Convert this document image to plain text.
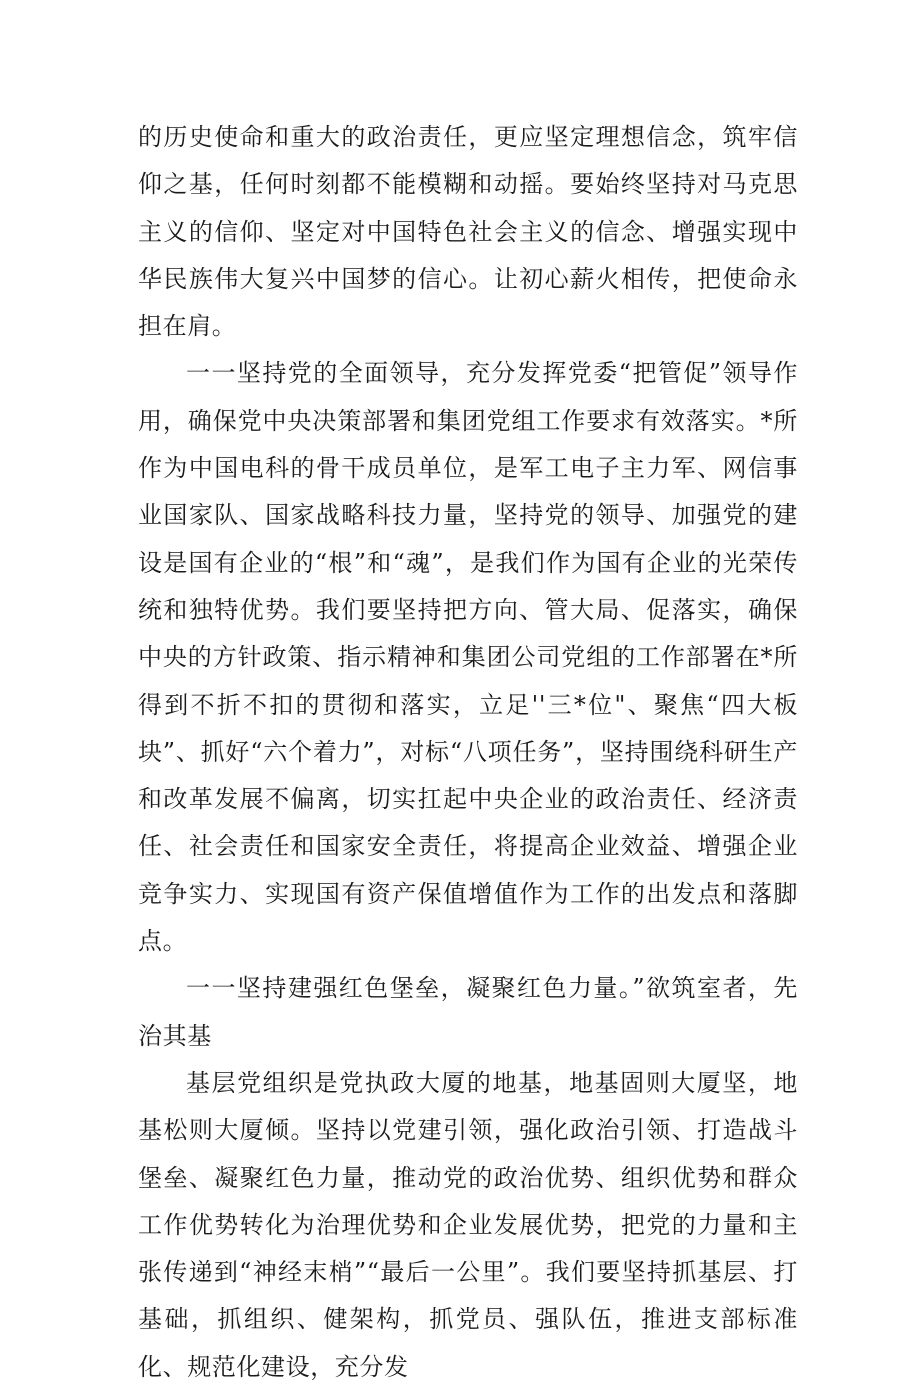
的历史使命和重大的政治责任，更应坚定理想信念，筑牢信仰之基，任何时刻都不能模糊和动摇。要始终坚持对马克思主义的信仰、坚定对中国特色社会主义的信念、增强实现中华民族伟大复兴中国梦的信心。让初心薪火相传，把使命永担在肩。

一一坚持党的全面领导，充分发挥党委“把管促”领导作用，确保党中央决策部署和集团党组工作要求有效落实。*所作为中国电科的骨干成员单位，是军工电子主力军、网信事业国家队、国家战略科技力量，坚持党的领导、加强党的建设是国有企业的“根”和“魂”，是我们作为国有企业的光荣传统和独特优势。我们要坚持把方向、管大局、促落实，确保中央的方针政策、指示精神和集团公司党组的工作部署在*所得到不折不扣的贯彻和落实，立足''三*位"、聚焦“四大板块”、抓好“六个着力”，对标“八项任务”，坚持围绕科研生产和改革发展不偏离，切实扛起中央企业的政治责任、经济责任、社会责任和国家安全责任，将提高企业效益、增强企业竞争实力、实现国有资产保值增值作为工作的出发点和落脚点。

一一坚持建强红色堡垒，凝聚红色力量。”欲筑室者，先治其基

基层党组织是党执政大厦的地基，地基固则大厦坚，地基松则大厦倾。坚持以党建引领，强化政治引领、打造战斗堡垒、凝聚红色力量，推动党的政治优势、组织优势和群众工作优势转化为治理优势和企业发展优势，把党的力量和主张传递到“神经末梢”“最后一公里”。我们要坚持抓基层、打基础，抓组织、健架构，抓党员、强队伍，推进支部标准化、规范化建设，充分发
